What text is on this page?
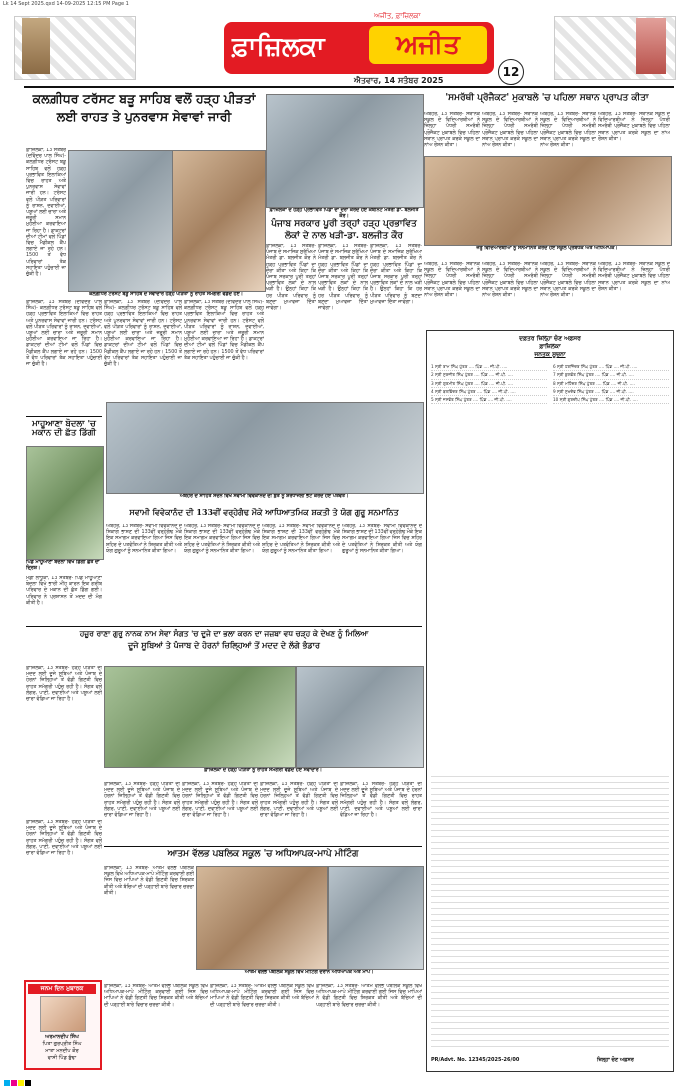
Lk 14 Sept 2025.qxd 14-09-2025 12:15 PM Page 1
ਅਜੀਤ, ਫ਼ਾਜ਼ਿਲਕਾ
ਫ਼ਾਜ਼ਿਲਕਾ	ਅਜੀਤ
ਐਤਵਾਰ, 14 ਸਤੰਬਰ 2025
12
ਕਲਗ਼ੀਧਰ ਟਰੱਸਟ ਬੜੂ ਸਾਹਿਬ ਵਲੋਂ ਹੜ੍ਹ ਪੀੜਤਾਂ
ਲਈ ਰਾਹਤ ਤੇ ਪੁਨਰਵਾਸ ਸੇਵਾਵਾਂ ਜਾਰੀ
ਫ਼ਾਜ਼ਿਲਕਾ, 13 ਸਤੰਬਰ (ਦਵਿੰਦਰ ਪਾਲ ਸਿੰਘ)- ਕਲਗ਼ੀਧਰ ਟਰੱਸਟ ਬੜੂ ਸਾਹਿਬ ਵਲੋਂ ਹੜ੍ਹ ਪ੍ਰਭਾਵਿਤ ਇਲਾਕਿਆਂ ਵਿਚ ਰਾਹਤ ਅਤੇ ਪੁਨਰਵਾਸ ਸੇਵਾਵਾਂ ਜਾਰੀ ਹਨ। ਟਰੱਸਟ ਵਲੋਂ ਪੀੜਤ ਪਰਿਵਾਰਾਂ ਨੂੰ ਰਾਸ਼ਨ, ਦਵਾਈਆਂ, ਪਸ਼ੂਆਂ ਲਈ ਚਾਰਾ ਅਤੇ ਜ਼ਰੂਰੀ ਸਮਾਨ ਮੁਹੱਈਆ ਕਰਵਾਇਆ ਜਾ ਰਿਹਾ ਹੈ। ਡਾਕਟਰਾਂ ਦੀਆਂ ਟੀਮਾਂ ਵਲੋਂ ਪਿੰਡਾਂ ਵਿਚ ਮੈਡੀਕਲ ਕੈਂਪ ਲਗਾਏ ਜਾ ਰਹੇ ਹਨ। 1500 ਤੋਂ ਵੱਧ ਪਰਿਵਾਰਾਂ ਤੱਕ ਸਹਾਇਤਾ ਪਹੁੰਚਾਈ ਜਾ ਚੁੱਕੀ ਹੈ।
ਕਲਗ਼ੀਧਰ ਟਰੱਸਟ ਬੜੂ ਸਾਹਿਬ ਦੇ ਸੇਵਾਦਾਰ ਹੜ੍ਹ ਪੀੜਤਾਂ ਨੂੰ ਰਾਹਤ ਸਮੱਗਰੀ ਵੰਡਦੇ ਹੋਏ।
ਫ਼ਾਜ਼ਿਲਕਾ, 13 ਸਤੰਬਰ (ਦਵਿੰਦਰ ਪਾਲ ਸਿੰਘ)- ਕਲਗ਼ੀਧਰ ਟਰੱਸਟ ਬੜੂ ਸਾਹਿਬ ਵਲੋਂ ਹੜ੍ਹ ਪ੍ਰਭਾਵਿਤ ਇਲਾਕਿਆਂ ਵਿਚ ਰਾਹਤ ਅਤੇ ਪੁਨਰਵਾਸ ਸੇਵਾਵਾਂ ਜਾਰੀ ਹਨ। ਟਰੱਸਟ ਵਲੋਂ ਪੀੜਤ ਪਰਿਵਾਰਾਂ ਨੂੰ ਰਾਸ਼ਨ, ਦਵਾਈਆਂ, ਪਸ਼ੂਆਂ ਲਈ ਚਾਰਾ ਅਤੇ ਜ਼ਰੂਰੀ ਸਮਾਨ ਮੁਹੱਈਆ ਕਰਵਾਇਆ ਜਾ ਰਿਹਾ ਹੈ। ਡਾਕਟਰਾਂ ਦੀਆਂ ਟੀਮਾਂ ਵਲੋਂ ਪਿੰਡਾਂ ਵਿਚ ਮੈਡੀਕਲ ਕੈਂਪ ਲਗਾਏ ਜਾ ਰਹੇ ਹਨ। 1500 ਤੋਂ ਵੱਧ ਪਰਿਵਾਰਾਂ ਤੱਕ ਸਹਾਇਤਾ ਪਹੁੰਚਾਈ ਜਾ ਚੁੱਕੀ ਹੈ।
ਫ਼ਾਜ਼ਿਲਕਾ, 13 ਸਤੰਬਰ (ਦਵਿੰਦਰ ਪਾਲ ਸਿੰਘ)- ਕਲਗ਼ੀਧਰ ਟਰੱਸਟ ਬੜੂ ਸਾਹਿਬ ਵਲੋਂ ਹੜ੍ਹ ਪ੍ਰਭਾਵਿਤ ਇਲਾਕਿਆਂ ਵਿਚ ਰਾਹਤ ਅਤੇ ਪੁਨਰਵਾਸ ਸੇਵਾਵਾਂ ਜਾਰੀ ਹਨ। ਟਰੱਸਟ ਵਲੋਂ ਪੀੜਤ ਪਰਿਵਾਰਾਂ ਨੂੰ ਰਾਸ਼ਨ, ਦਵਾਈਆਂ, ਪਸ਼ੂਆਂ ਲਈ ਚਾਰਾ ਅਤੇ ਜ਼ਰੂਰੀ ਸਮਾਨ ਮੁਹੱਈਆ ਕਰਵਾਇਆ ਜਾ ਰਿਹਾ ਹੈ। ਡਾਕਟਰਾਂ ਦੀਆਂ ਟੀਮਾਂ ਵਲੋਂ ਪਿੰਡਾਂ ਵਿਚ ਮੈਡੀਕਲ ਕੈਂਪ ਲਗਾਏ ਜਾ ਰਹੇ ਹਨ। 1500 ਤੋਂ ਵੱਧ ਪਰਿਵਾਰਾਂ ਤੱਕ ਸਹਾਇਤਾ ਪਹੁੰਚਾਈ ਜਾ ਚੁੱਕੀ ਹੈ।
ਫ਼ਾਜ਼ਿਲਕਾ, 13 ਸਤੰਬਰ (ਦਵਿੰਦਰ ਪਾਲ ਸਿੰਘ)- ਕਲਗ਼ੀਧਰ ਟਰੱਸਟ ਬੜੂ ਸਾਹਿਬ ਵਲੋਂ ਹੜ੍ਹ ਪ੍ਰਭਾਵਿਤ ਇਲਾਕਿਆਂ ਵਿਚ ਰਾਹਤ ਅਤੇ ਪੁਨਰਵਾਸ ਸੇਵਾਵਾਂ ਜਾਰੀ ਹਨ। ਟਰੱਸਟ ਵਲੋਂ ਪੀੜਤ ਪਰਿਵਾਰਾਂ ਨੂੰ ਰਾਸ਼ਨ, ਦਵਾਈਆਂ, ਪਸ਼ੂਆਂ ਲਈ ਚਾਰਾ ਅਤੇ ਜ਼ਰੂਰੀ ਸਮਾਨ ਮੁਹੱਈਆ ਕਰਵਾਇਆ ਜਾ ਰਿਹਾ ਹੈ। ਡਾਕਟਰਾਂ ਦੀਆਂ ਟੀਮਾਂ ਵਲੋਂ ਪਿੰਡਾਂ ਵਿਚ ਮੈਡੀਕਲ ਕੈਂਪ ਲਗਾਏ ਜਾ ਰਹੇ ਹਨ। 1500 ਤੋਂ ਵੱਧ ਪਰਿਵਾਰਾਂ ਤੱਕ ਸਹਾਇਤਾ ਪਹੁੰਚਾਈ ਜਾ ਚੁੱਕੀ ਹੈ।
ਮਾਹੂਆਣਾ ਬੋਦਲਾ 'ਚ ਮਕਾਨ ਦੀ ਛੱਤ ਡਿੱਗੀ
ਪਿੰਡ ਮਾਹੂਆਣਾ ਬੋਦਲਾ ਵਿਖੇ ਡਿੱਗੀ ਛੱਤ ਦਾ ਦ੍ਰਿਸ਼।
ਮੰਡੀ ਲਾਧੂਕਾ, 13 ਸਤੰਬਰ- ਪਿੰਡ ਮਾਹੂਆਣਾ ਬੋਦਲਾ ਵਿਖੇ ਭਾਰੀ ਮੀਂਹ ਕਾਰਨ ਇਕ ਗਰੀਬ ਪਰਿਵਾਰ ਦੇ ਮਕਾਨ ਦੀ ਛੱਤ ਡਿੱਗ ਗਈ। ਪਰਿਵਾਰ ਨੇ ਪ੍ਰਸ਼ਾਸਨ ਤੋਂ ਮਦਦ ਦੀ ਮੰਗ ਕੀਤੀ ਹੈ।
ਫ਼ਾਜ਼ਿਲਕਾ ਦੇ ਹੜ੍ਹ ਪ੍ਰਭਾਵਿਤ ਪਿੰਡਾਂ ਦਾ ਦੌਰਾ ਕਰਦੇ ਹੋਏ ਕੈਬਨਿਟ ਮੰਤਰੀ ਡਾ. ਬਲਜੀਤ ਕੌਰ।
ਪੰਜਾਬ ਸਰਕਾਰ ਪੂਰੀ ਤਰ੍ਹਾਂ ਹੜ੍ਹ ਪ੍ਰਭਾਵਿਤ
ਲੋਕਾਂ ਦੇ ਨਾਲ ਖੜੀ-ਡਾ. ਬਲਜੀਤ ਕੌਰ
ਫ਼ਾਜ਼ਿਲਕਾ, 13 ਸਤੰਬਰ- ਪੰਜਾਬ ਦੇ ਸਮਾਜਿਕ ਸੁਰੱਖਿਆ ਮੰਤਰੀ ਡਾ. ਬਲਜੀਤ ਕੌਰ ਨੇ ਹੜ੍ਹ ਪ੍ਰਭਾਵਿਤ ਪਿੰਡਾਂ ਦਾ ਦੌਰਾ ਕੀਤਾ ਅਤੇ ਕਿਹਾ ਕਿ ਪੰਜਾਬ ਸਰਕਾਰ ਪੂਰੀ ਤਰ੍ਹਾਂ ਪ੍ਰਭਾਵਿਤ ਲੋਕਾਂ ਦੇ ਨਾਲ ਖੜੀ ਹੈ। ਉਨ੍ਹਾਂ ਕਿਹਾ ਕਿ ਹਰ ਪੀੜਤ ਪਰਿਵਾਰ ਨੂੰ ਬਣਦਾ ਮੁਆਵਜ਼ਾ ਦਿੱਤਾ ਜਾਵੇਗਾ।
ਫ਼ਾਜ਼ਿਲਕਾ, 13 ਸਤੰਬਰ- ਪੰਜਾਬ ਦੇ ਸਮਾਜਿਕ ਸੁਰੱਖਿਆ ਮੰਤਰੀ ਡਾ. ਬਲਜੀਤ ਕੌਰ ਨੇ ਹੜ੍ਹ ਪ੍ਰਭਾਵਿਤ ਪਿੰਡਾਂ ਦਾ ਦੌਰਾ ਕੀਤਾ ਅਤੇ ਕਿਹਾ ਕਿ ਪੰਜਾਬ ਸਰਕਾਰ ਪੂਰੀ ਤਰ੍ਹਾਂ ਪ੍ਰਭਾਵਿਤ ਲੋਕਾਂ ਦੇ ਨਾਲ ਖੜੀ ਹੈ। ਉਨ੍ਹਾਂ ਕਿਹਾ ਕਿ ਹਰ ਪੀੜਤ ਪਰਿਵਾਰ ਨੂੰ ਬਣਦਾ ਮੁਆਵਜ਼ਾ ਦਿੱਤਾ ਜਾਵੇਗਾ।
ਫ਼ਾਜ਼ਿਲਕਾ, 13 ਸਤੰਬਰ- ਪੰਜਾਬ ਦੇ ਸਮਾਜਿਕ ਸੁਰੱਖਿਆ ਮੰਤਰੀ ਡਾ. ਬਲਜੀਤ ਕੌਰ ਨੇ ਹੜ੍ਹ ਪ੍ਰਭਾਵਿਤ ਪਿੰਡਾਂ ਦਾ ਦੌਰਾ ਕੀਤਾ ਅਤੇ ਕਿਹਾ ਕਿ ਪੰਜਾਬ ਸਰਕਾਰ ਪੂਰੀ ਤਰ੍ਹਾਂ ਪ੍ਰਭਾਵਿਤ ਲੋਕਾਂ ਦੇ ਨਾਲ ਖੜੀ ਹੈ। ਉਨ੍ਹਾਂ ਕਿਹਾ ਕਿ ਹਰ ਪੀੜਤ ਪਰਿਵਾਰ ਨੂੰ ਬਣਦਾ ਮੁਆਵਜ਼ਾ ਦਿੱਤਾ ਜਾਵੇਗਾ।
'ਸਮਰੱਥੀ ਪ੍ਰੋਜੈਕਟ' ਮੁਕਾਬਲੇ 'ਚ ਪਹਿਲਾ ਸਥਾਨ ਪ੍ਰਾਪਤ ਕੀਤਾ
ਅਬੋਹਰ, 13 ਸਤੰਬਰ- ਸਥਾਨਕ ਸਕੂਲ ਦੇ ਵਿਦਿਆਰਥੀਆਂ ਨੇ ਜ਼ਿਲ੍ਹਾ ਪੱਧਰੀ ਸਮਰੱਥੀ ਪ੍ਰੋਜੈਕਟ ਮੁਕਾਬਲੇ ਵਿਚ ਪਹਿਲਾ ਸਥਾਨ ਪ੍ਰਾਪਤ ਕਰਕੇ ਸਕੂਲ ਦਾ ਨਾਂਅ ਰੌਸ਼ਨ ਕੀਤਾ।
ਅਬੋਹਰ, 13 ਸਤੰਬਰ- ਸਥਾਨਕ ਸਕੂਲ ਦੇ ਵਿਦਿਆਰਥੀਆਂ ਨੇ ਜ਼ਿਲ੍ਹਾ ਪੱਧਰੀ ਸਮਰੱਥੀ ਪ੍ਰੋਜੈਕਟ ਮੁਕਾਬਲੇ ਵਿਚ ਪਹਿਲਾ ਸਥਾਨ ਪ੍ਰਾਪਤ ਕਰਕੇ ਸਕੂਲ ਦਾ ਨਾਂਅ ਰੌਸ਼ਨ ਕੀਤਾ।
ਅਬੋਹਰ, 13 ਸਤੰਬਰ- ਸਥਾਨਕ ਸਕੂਲ ਦੇ ਵਿਦਿਆਰਥੀਆਂ ਨੇ ਜ਼ਿਲ੍ਹਾ ਪੱਧਰੀ ਸਮਰੱਥੀ ਪ੍ਰੋਜੈਕਟ ਮੁਕਾਬਲੇ ਵਿਚ ਪਹਿਲਾ ਸਥਾਨ ਪ੍ਰਾਪਤ ਕਰਕੇ ਸਕੂਲ ਦਾ ਨਾਂਅ ਰੌਸ਼ਨ ਕੀਤਾ।
ਅਬੋਹਰ, 13 ਸਤੰਬਰ- ਸਥਾਨਕ ਸਕੂਲ ਦੇ ਵਿਦਿਆਰਥੀਆਂ ਨੇ ਜ਼ਿਲ੍ਹਾ ਪੱਧਰੀ ਸਮਰੱਥੀ ਪ੍ਰੋਜੈਕਟ ਮੁਕਾਬਲੇ ਵਿਚ ਪਹਿਲਾ ਸਥਾਨ ਪ੍ਰਾਪਤ ਕਰਕੇ ਸਕੂਲ ਦਾ ਨਾਂਅ ਰੌਸ਼ਨ ਕੀਤਾ।
ਜੇਤੂ ਵਿਦਿਆਰਥੀਆਂ ਨੂੰ ਸਨਮਾਨਿਤ ਕਰਦੇ ਹੋਏ ਸਕੂਲ ਪ੍ਰਬੰਧਕ ਅਤੇ ਅਧਿਆਪਕ।
ਅਬੋਹਰ, 13 ਸਤੰਬਰ- ਸਥਾਨਕ ਸਕੂਲ ਦੇ ਵਿਦਿਆਰਥੀਆਂ ਨੇ ਜ਼ਿਲ੍ਹਾ ਪੱਧਰੀ ਸਮਰੱਥੀ ਪ੍ਰੋਜੈਕਟ ਮੁਕਾਬਲੇ ਵਿਚ ਪਹਿਲਾ ਸਥਾਨ ਪ੍ਰਾਪਤ ਕਰਕੇ ਸਕੂਲ ਦਾ ਨਾਂਅ ਰੌਸ਼ਨ ਕੀਤਾ।
ਅਬੋਹਰ, 13 ਸਤੰਬਰ- ਸਥਾਨਕ ਸਕੂਲ ਦੇ ਵਿਦਿਆਰਥੀਆਂ ਨੇ ਜ਼ਿਲ੍ਹਾ ਪੱਧਰੀ ਸਮਰੱਥੀ ਪ੍ਰੋਜੈਕਟ ਮੁਕਾਬਲੇ ਵਿਚ ਪਹਿਲਾ ਸਥਾਨ ਪ੍ਰਾਪਤ ਕਰਕੇ ਸਕੂਲ ਦਾ ਨਾਂਅ ਰੌਸ਼ਨ ਕੀਤਾ।
ਅਬੋਹਰ, 13 ਸਤੰਬਰ- ਸਥਾਨਕ ਸਕੂਲ ਦੇ ਵਿਦਿਆਰਥੀਆਂ ਨੇ ਜ਼ਿਲ੍ਹਾ ਪੱਧਰੀ ਸਮਰੱਥੀ ਪ੍ਰੋਜੈਕਟ ਮੁਕਾਬਲੇ ਵਿਚ ਪਹਿਲਾ ਸਥਾਨ ਪ੍ਰਾਪਤ ਕਰਕੇ ਸਕੂਲ ਦਾ ਨਾਂਅ ਰੌਸ਼ਨ ਕੀਤਾ।
ਅਬੋਹਰ, 13 ਸਤੰਬਰ- ਸਥਾਨਕ ਸਕੂਲ ਦੇ ਵਿਦਿਆਰਥੀਆਂ ਨੇ ਜ਼ਿਲ੍ਹਾ ਪੱਧਰੀ ਸਮਰੱਥੀ ਪ੍ਰੋਜੈਕਟ ਮੁਕਾਬਲੇ ਵਿਚ ਪਹਿਲਾ ਸਥਾਨ ਪ੍ਰਾਪਤ ਕਰਕੇ ਸਕੂਲ ਦਾ ਨਾਂਅ ਰੌਸ਼ਨ ਕੀਤਾ।
ਅਬੋਹਰ ਦੇ ਸਾਹਿਤ ਸਦਨ ਵਿਖੇ ਸਵਾਮੀ ਵਿਵੇਕਾਨੰਦ ਦੀ ਬੁੱਤ ਨੂੰ ਸ਼ਰਧਾਂਜਲੀ ਭੇਟ ਕਰਦੇ ਹੋਏ ਪਤਵੰਤੇ।
ਸਵਾਮੀ ਵਿਵੇਕਾਨੰਦ ਦੀ 133ਵੀਂ ਵਰ੍ਹੇਗੰਢ ਮੌਕੇ ਆਧਿਆਤਮਿਕ ਸ਼ਕਤੀ ਤੇ ਯੋਗ ਗੁਰੂ ਸਨਮਾਨਿਤ
ਅਬੋਹਰ, 13 ਸਤੰਬਰ- ਸਵਾਮੀ ਵਿਵੇਕਾਨੰਦ ਦੇ ਸ਼ਿਕਾਗੋ ਭਾਸ਼ਣ ਦੀ 133ਵੀਂ ਵਰ੍ਹੇਗੰਢ ਮੌਕੇ ਇਕ ਸਮਾਗਮ ਕਰਵਾਇਆ ਗਿਆ ਜਿਸ ਵਿਚ ਸ਼ਹਿਰ ਦੇ ਪਤਵੰਤਿਆਂ ਨੇ ਸ਼ਿਰਕਤ ਕੀਤੀ ਅਤੇ ਯੋਗ ਗੁਰੂਆਂ ਨੂੰ ਸਨਮਾਨਿਤ ਕੀਤਾ ਗਿਆ।
ਅਬੋਹਰ, 13 ਸਤੰਬਰ- ਸਵਾਮੀ ਵਿਵੇਕਾਨੰਦ ਦੇ ਸ਼ਿਕਾਗੋ ਭਾਸ਼ਣ ਦੀ 133ਵੀਂ ਵਰ੍ਹੇਗੰਢ ਮੌਕੇ ਇਕ ਸਮਾਗਮ ਕਰਵਾਇਆ ਗਿਆ ਜਿਸ ਵਿਚ ਸ਼ਹਿਰ ਦੇ ਪਤਵੰਤਿਆਂ ਨੇ ਸ਼ਿਰਕਤ ਕੀਤੀ ਅਤੇ ਯੋਗ ਗੁਰੂਆਂ ਨੂੰ ਸਨਮਾਨਿਤ ਕੀਤਾ ਗਿਆ।
ਅਬੋਹਰ, 13 ਸਤੰਬਰ- ਸਵਾਮੀ ਵਿਵੇਕਾਨੰਦ ਦੇ ਸ਼ਿਕਾਗੋ ਭਾਸ਼ਣ ਦੀ 133ਵੀਂ ਵਰ੍ਹੇਗੰਢ ਮੌਕੇ ਇਕ ਸਮਾਗਮ ਕਰਵਾਇਆ ਗਿਆ ਜਿਸ ਵਿਚ ਸ਼ਹਿਰ ਦੇ ਪਤਵੰਤਿਆਂ ਨੇ ਸ਼ਿਰਕਤ ਕੀਤੀ ਅਤੇ ਯੋਗ ਗੁਰੂਆਂ ਨੂੰ ਸਨਮਾਨਿਤ ਕੀਤਾ ਗਿਆ।
ਅਬੋਹਰ, 13 ਸਤੰਬਰ- ਸਵਾਮੀ ਵਿਵੇਕਾਨੰਦ ਦੇ ਸ਼ਿਕਾਗੋ ਭਾਸ਼ਣ ਦੀ 133ਵੀਂ ਵਰ੍ਹੇਗੰਢ ਮੌਕੇ ਇਕ ਸਮਾਗਮ ਕਰਵਾਇਆ ਗਿਆ ਜਿਸ ਵਿਚ ਸ਼ਹਿਰ ਦੇ ਪਤਵੰਤਿਆਂ ਨੇ ਸ਼ਿਰਕਤ ਕੀਤੀ ਅਤੇ ਯੋਗ ਗੁਰੂਆਂ ਨੂੰ ਸਨਮਾਨਿਤ ਕੀਤਾ ਗਿਆ।
ਹਜ਼ੂਰ ਰਾਣਾ ਗੁਰੂ ਨਾਨਕ ਨਾਮ ਸੇਵਾ ਸੰਗਤ 'ਚ ਦੂਜੇ ਦਾ ਭਲਾ ਕਰਨ ਦਾ ਜਜ਼ਬਾ ਵਧ ਚੜ੍ਹ ਕੇ ਦੇਖਣ ਨੂੰ ਮਿਲਿਆ
ਦੂਜੇ ਸੂਬਿਆਂ ਤੇ ਪੰਜਾਬ ਦੇ ਹੋਰਨਾਂ ਜ਼ਿਲ੍ਹਿਆਂ ਤੋਂ ਮਦਦ ਦੇ ਲੱਗੇ ਭੰਡਾਰ
ਫ਼ਾਜ਼ਿਲਕਾ, 13 ਸਤੰਬਰ- ਹੜ੍ਹ ਪੀੜਤਾਂ ਦੀ ਮਦਦ ਲਈ ਦੂਜੇ ਸੂਬਿਆਂ ਅਤੇ ਪੰਜਾਬ ਦੇ ਹੋਰਨਾਂ ਜ਼ਿਲ੍ਹਿਆਂ ਤੋਂ ਵੱਡੀ ਗਿਣਤੀ ਵਿਚ ਰਾਹਤ ਸਮੱਗਰੀ ਪਹੁੰਚ ਰਹੀ ਹੈ। ਸੰਗਤ ਵਲੋਂ ਲੰਗਰ, ਪਾਣੀ, ਦਵਾਈਆਂ ਅਤੇ ਪਸ਼ੂਆਂ ਲਈ ਚਾਰਾ ਵੰਡਿਆ ਜਾ ਰਿਹਾ ਹੈ।
ਫ਼ਾਜ਼ਿਲਕਾ ਦੇ ਹੜ੍ਹ ਪੀੜਤਾਂ ਨੂੰ ਰਾਹਤ ਸਮੱਗਰੀ ਵੰਡਦੇ ਹੋਏ ਸੇਵਾਦਾਰ।
ਫ਼ਾਜ਼ਿਲਕਾ, 13 ਸਤੰਬਰ- ਹੜ੍ਹ ਪੀੜਤਾਂ ਦੀ ਮਦਦ ਲਈ ਦੂਜੇ ਸੂਬਿਆਂ ਅਤੇ ਪੰਜਾਬ ਦੇ ਹੋਰਨਾਂ ਜ਼ਿਲ੍ਹਿਆਂ ਤੋਂ ਵੱਡੀ ਗਿਣਤੀ ਵਿਚ ਰਾਹਤ ਸਮੱਗਰੀ ਪਹੁੰਚ ਰਹੀ ਹੈ। ਸੰਗਤ ਵਲੋਂ ਲੰਗਰ, ਪਾਣੀ, ਦਵਾਈਆਂ ਅਤੇ ਪਸ਼ੂਆਂ ਲਈ ਚਾਰਾ ਵੰਡਿਆ ਜਾ ਰਿਹਾ ਹੈ।
ਫ਼ਾਜ਼ਿਲਕਾ, 13 ਸਤੰਬਰ- ਹੜ੍ਹ ਪੀੜਤਾਂ ਦੀ ਮਦਦ ਲਈ ਦੂਜੇ ਸੂਬਿਆਂ ਅਤੇ ਪੰਜਾਬ ਦੇ ਹੋਰਨਾਂ ਜ਼ਿਲ੍ਹਿਆਂ ਤੋਂ ਵੱਡੀ ਗਿਣਤੀ ਵਿਚ ਰਾਹਤ ਸਮੱਗਰੀ ਪਹੁੰਚ ਰਹੀ ਹੈ। ਸੰਗਤ ਵਲੋਂ ਲੰਗਰ, ਪਾਣੀ, ਦਵਾਈਆਂ ਅਤੇ ਪਸ਼ੂਆਂ ਲਈ ਚਾਰਾ ਵੰਡਿਆ ਜਾ ਰਿਹਾ ਹੈ।
ਫ਼ਾਜ਼ਿਲਕਾ, 13 ਸਤੰਬਰ- ਹੜ੍ਹ ਪੀੜਤਾਂ ਦੀ ਮਦਦ ਲਈ ਦੂਜੇ ਸੂਬਿਆਂ ਅਤੇ ਪੰਜਾਬ ਦੇ ਹੋਰਨਾਂ ਜ਼ਿਲ੍ਹਿਆਂ ਤੋਂ ਵੱਡੀ ਗਿਣਤੀ ਵਿਚ ਰਾਹਤ ਸਮੱਗਰੀ ਪਹੁੰਚ ਰਹੀ ਹੈ। ਸੰਗਤ ਵਲੋਂ ਲੰਗਰ, ਪਾਣੀ, ਦਵਾਈਆਂ ਅਤੇ ਪਸ਼ੂਆਂ ਲਈ ਚਾਰਾ ਵੰਡਿਆ ਜਾ ਰਿਹਾ ਹੈ।
ਫ਼ਾਜ਼ਿਲਕਾ, 13 ਸਤੰਬਰ- ਹੜ੍ਹ ਪੀੜਤਾਂ ਦੀ ਮਦਦ ਲਈ ਦੂਜੇ ਸੂਬਿਆਂ ਅਤੇ ਪੰਜਾਬ ਦੇ ਹੋਰਨਾਂ ਜ਼ਿਲ੍ਹਿਆਂ ਤੋਂ ਵੱਡੀ ਗਿਣਤੀ ਵਿਚ ਰਾਹਤ ਸਮੱਗਰੀ ਪਹੁੰਚ ਰਹੀ ਹੈ। ਸੰਗਤ ਵਲੋਂ ਲੰਗਰ, ਪਾਣੀ, ਦਵਾਈਆਂ ਅਤੇ ਪਸ਼ੂਆਂ ਲਈ ਚਾਰਾ ਵੰਡਿਆ ਜਾ ਰਿਹਾ ਹੈ।
ਆਤਮ ਵੱਲਭ ਪਬਲਿਕ ਸਕੂਲ 'ਚ ਅਧਿਆਪਕ-ਮਾਪੇ ਮੀਟਿੰਗ
ਫ਼ਾਜ਼ਿਲਕਾ, 13 ਸਤੰਬਰ- ਆਤਮ ਵੱਲਭ ਪਬਲਿਕ ਸਕੂਲ ਵਿਖੇ ਅਧਿਆਪਕ-ਮਾਪੇ ਮੀਟਿੰਗ ਕਰਵਾਈ ਗਈ ਜਿਸ ਵਿਚ ਮਾਪਿਆਂ ਨੇ ਵੱਡੀ ਗਿਣਤੀ ਵਿਚ ਸ਼ਿਰਕਤ ਕੀਤੀ ਅਤੇ ਬੱਚਿਆਂ ਦੀ ਪੜ੍ਹਾਈ ਬਾਰੇ ਵਿਚਾਰ ਚਰਚਾ ਕੀਤੀ।
ਆਤਮ ਵੱਲਭ ਪਬਲਿਕ ਸਕੂਲ ਵਿਖੇ ਮੀਟਿੰਗ ਦੌਰਾਨ ਅਧਿਆਪਕ ਅਤੇ ਮਾਪੇ।
ਫ਼ਾਜ਼ਿਲਕਾ, 13 ਸਤੰਬਰ- ਆਤਮ ਵੱਲਭ ਪਬਲਿਕ ਸਕੂਲ ਵਿਖੇ ਅਧਿਆਪਕ-ਮਾਪੇ ਮੀਟਿੰਗ ਕਰਵਾਈ ਗਈ ਜਿਸ ਵਿਚ ਮਾਪਿਆਂ ਨੇ ਵੱਡੀ ਗਿਣਤੀ ਵਿਚ ਸ਼ਿਰਕਤ ਕੀਤੀ ਅਤੇ ਬੱਚਿਆਂ ਦੀ ਪੜ੍ਹਾਈ ਬਾਰੇ ਵਿਚਾਰ ਚਰਚਾ ਕੀਤੀ।
ਫ਼ਾਜ਼ਿਲਕਾ, 13 ਸਤੰਬਰ- ਆਤਮ ਵੱਲਭ ਪਬਲਿਕ ਸਕੂਲ ਵਿਖੇ ਅਧਿਆਪਕ-ਮਾਪੇ ਮੀਟਿੰਗ ਕਰਵਾਈ ਗਈ ਜਿਸ ਵਿਚ ਮਾਪਿਆਂ ਨੇ ਵੱਡੀ ਗਿਣਤੀ ਵਿਚ ਸ਼ਿਰਕਤ ਕੀਤੀ ਅਤੇ ਬੱਚਿਆਂ ਦੀ ਪੜ੍ਹਾਈ ਬਾਰੇ ਵਿਚਾਰ ਚਰਚਾ ਕੀਤੀ।
ਫ਼ਾਜ਼ਿਲਕਾ, 13 ਸਤੰਬਰ- ਆਤਮ ਵੱਲਭ ਪਬਲਿਕ ਸਕੂਲ ਵਿਖੇ ਅਧਿਆਪਕ-ਮਾਪੇ ਮੀਟਿੰਗ ਕਰਵਾਈ ਗਈ ਜਿਸ ਵਿਚ ਮਾਪਿਆਂ ਨੇ ਵੱਡੀ ਗਿਣਤੀ ਵਿਚ ਸ਼ਿਰਕਤ ਕੀਤੀ ਅਤੇ ਬੱਚਿਆਂ ਦੀ ਪੜ੍ਹਾਈ ਬਾਰੇ ਵਿਚਾਰ ਚਰਚਾ ਕੀਤੀ।
ਫ਼ਾਜ਼ਿਲਕਾ, 13 ਸਤੰਬਰ- ਹੜ੍ਹ ਪੀੜਤਾਂ ਦੀ ਮਦਦ ਲਈ ਦੂਜੇ ਸੂਬਿਆਂ ਅਤੇ ਪੰਜਾਬ ਦੇ ਹੋਰਨਾਂ ਜ਼ਿਲ੍ਹਿਆਂ ਤੋਂ ਵੱਡੀ ਗਿਣਤੀ ਵਿਚ ਰਾਹਤ ਸਮੱਗਰੀ ਪਹੁੰਚ ਰਹੀ ਹੈ। ਸੰਗਤ ਵਲੋਂ ਲੰਗਰ, ਪਾਣੀ, ਦਵਾਈਆਂ ਅਤੇ ਪਸ਼ੂਆਂ ਲਈ ਚਾਰਾ ਵੰਡਿਆ ਜਾ ਰਿਹਾ ਹੈ।
ਜਨਮ ਦਿਨ ਮੁਬਾਰਕ
ਅਰਮਾਨਦੀਪ ਸਿੰਘ
ਪਿਤਾ ਗੁਰਪ੍ਰੀਤ ਸਿੰਘ
ਮਾਤਾ ਮਨਦੀਪ ਕੌਰ
ਵਾਸੀ ਪਿੰਡ ਬੁੱਢਾ
ਦਫ਼ਤਰ ਜ਼ਿਲ੍ਹਾ ਚੋਣ ਅਫ਼ਸਰ
ਫ਼ਾਜ਼ਿਲਕਾ
ਜਨਤਕ ਸੂਚਨਾ
1 ਸ੍ਰੀ ਰਾਮ ਸਿੰਘ ਪੁੱਤਰ .... ਪਿੰਡ .... ਜੀ.ਪੀ. ....
2 ਸ੍ਰੀ ਸੁਰਜੀਤ ਸਿੰਘ ਪੁੱਤਰ .... ਪਿੰਡ .... ਜੀ.ਪੀ. ....
3 ਸ੍ਰੀ ਗੁਰਮੀਤ ਸਿੰਘ ਪੁੱਤਰ .... ਪਿੰਡ .... ਜੀ.ਪੀ. ....
4 ਸ੍ਰੀ ਬਲਵਿੰਦਰ ਸਿੰਘ ਪੁੱਤਰ .... ਪਿੰਡ .... ਜੀ.ਪੀ. ....
5 ਸ੍ਰੀ ਜਸਵੰਤ ਸਿੰਘ ਪੁੱਤਰ .... ਪਿੰਡ .... ਜੀ.ਪੀ. ....
6 ਸ੍ਰੀ ਹਰਜਿੰਦਰ ਸਿੰਘ ਪੁੱਤਰ .... ਪਿੰਡ .... ਜੀ.ਪੀ. ....
7 ਸ੍ਰੀ ਕੁਲਵੰਤ ਸਿੰਘ ਪੁੱਤਰ .... ਪਿੰਡ .... ਜੀ.ਪੀ. ....
8 ਸ੍ਰੀ ਮਹਿੰਦਰ ਸਿੰਘ ਪੁੱਤਰ .... ਪਿੰਡ .... ਜੀ.ਪੀ. ....
9 ਸ੍ਰੀ ਸੁਖਦੇਵ ਸਿੰਘ ਪੁੱਤਰ .... ਪਿੰਡ .... ਜੀ.ਪੀ. ....
10 ਸ੍ਰੀ ਗੁਰਦੀਪ ਸਿੰਘ ਪੁੱਤਰ .... ਪਿੰਡ .... ਜੀ.ਪੀ. ....
PR/Advt. No. 12345/2025-26/00	ਜ਼ਿਲ੍ਹਾ ਚੋਣ ਅਫ਼ਸਰ
